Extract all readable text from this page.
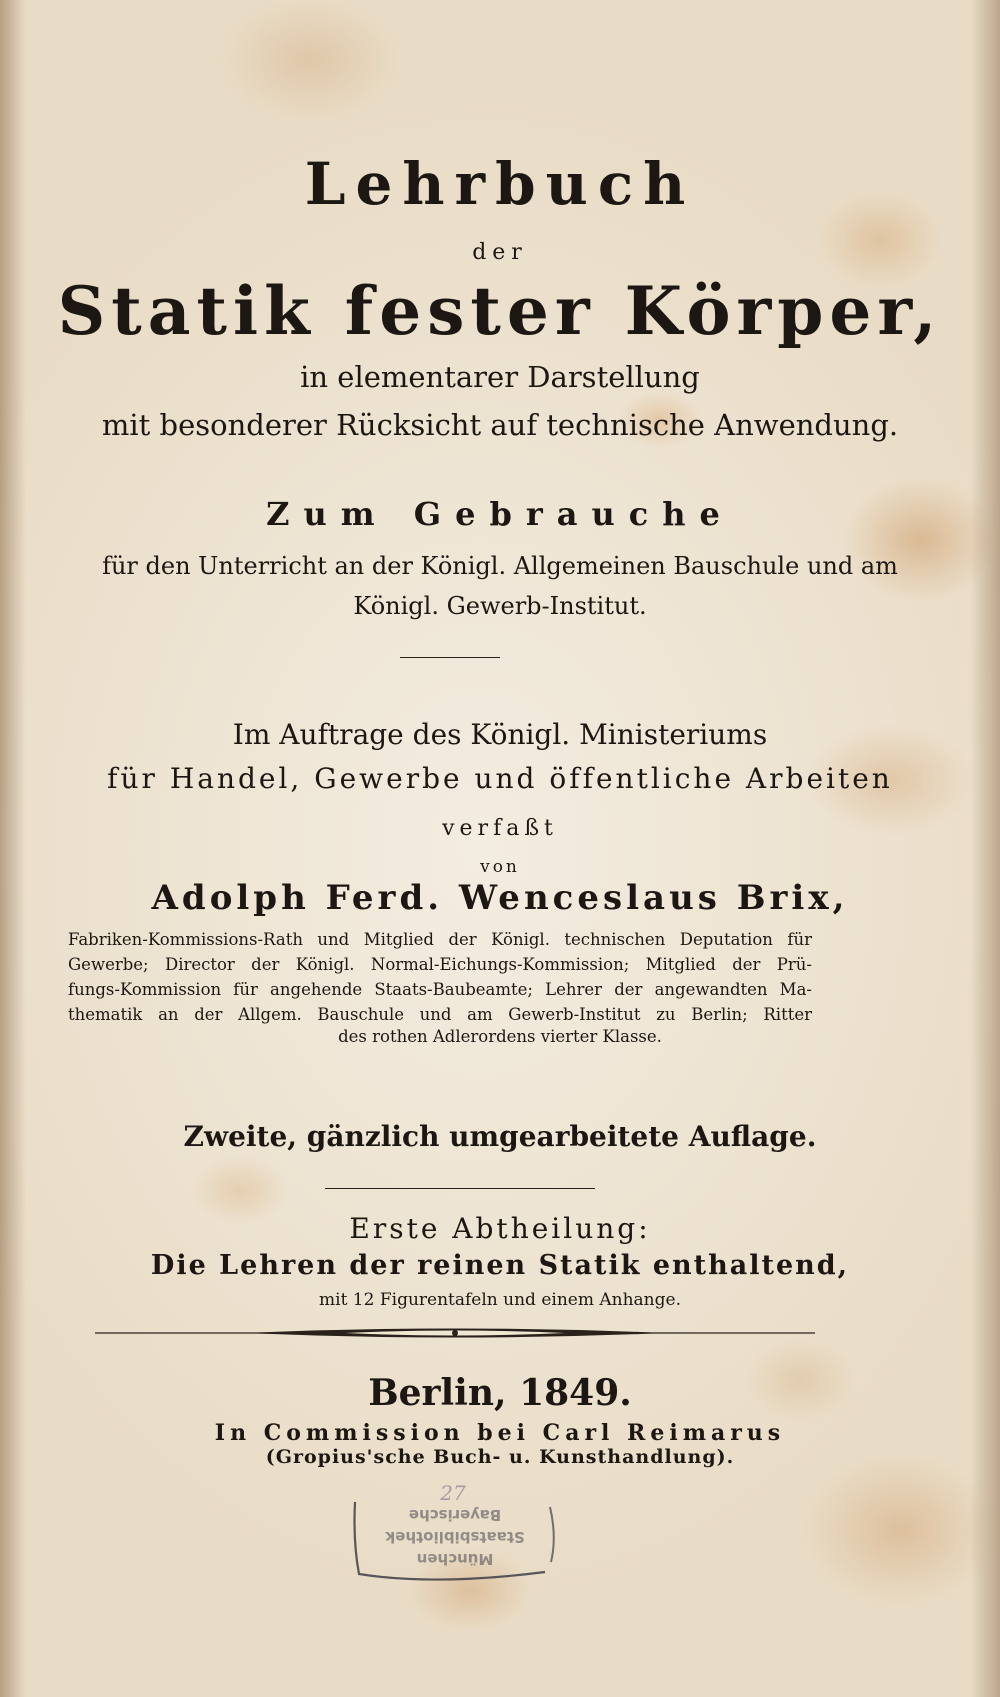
Lehrbuch

der

Statik fester Körper,

in elementarer Darstellung

mit besonderer Rücksicht auf technische Anwendung.

Zum Gebrauche

für den Unterricht an der Königl. Allgemeinen Bauschule und am

Königl. Gewerb-Institut.

Im Auftrage des Königl. Ministeriums

für Handel, Gewerbe und öffentliche Arbeiten

verfaßt

von

Adolph Ferd. Wenceslaus Brix,

Fabriken-Kommissions-Rath und Mitglied der Königl. technischen Deputation für

Gewerbe; Director der Königl. Normal-Eichungs-Kommission; Mitglied der Prü-

fungs-Kommission für angehende Staats-Baubeamte; Lehrer der angewandten Ma-

thematik an der Allgem. Bauschule und am Gewerb-Institut zu Berlin; Ritter

des rothen Adlerordens vierter Klasse.

Zweite, gänzlich umgearbeitete Auflage.

Erste Abtheilung:

Die Lehren der reinen Statik enthaltend,

mit 12 Figurentafeln und einem Anhange.

Berlin, 1849.

In Commission bei Carl Reimarus

(Gropius'sche Buch- u. Kunsthandlung).

Bayerische
Staatsbibliothek
München
27
